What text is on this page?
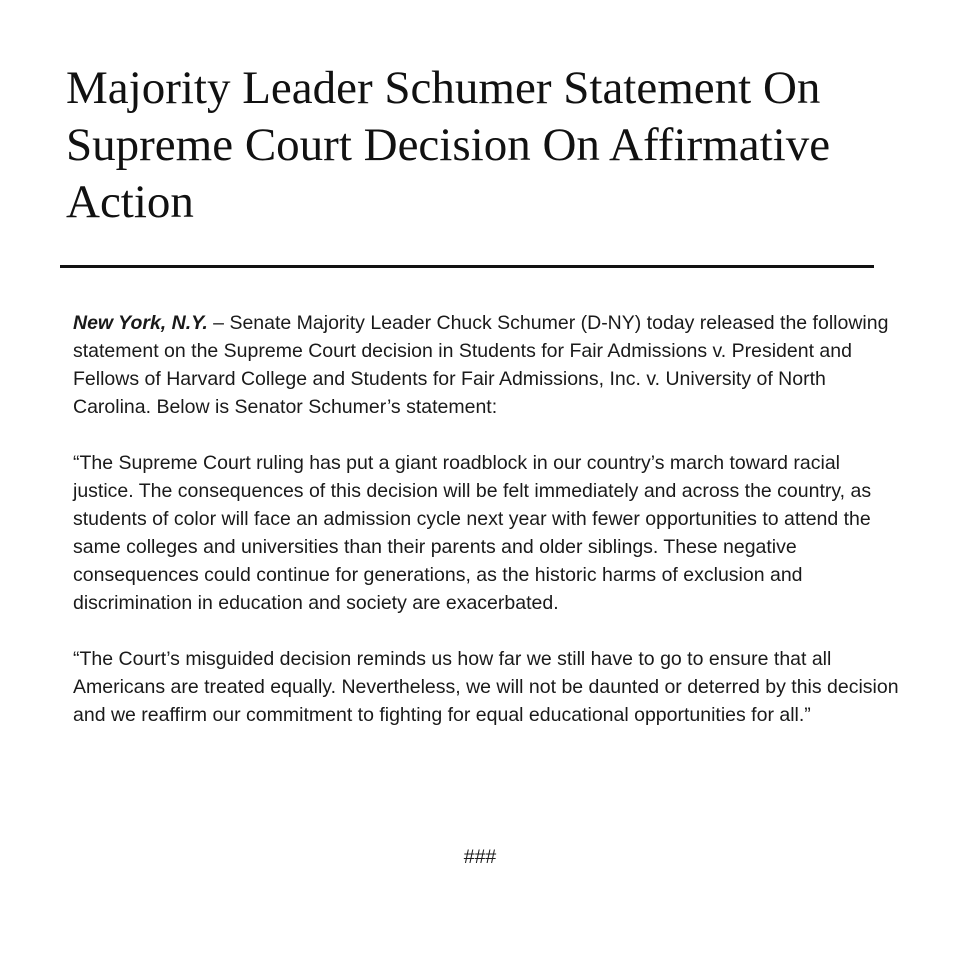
Majority Leader Schumer Statement On Supreme Court Decision On Affirmative Action

New York, N.Y. – Senate Majority Leader Chuck Schumer (D-NY) today released the following statement on the Supreme Court decision in Students for Fair Admissions v. President and Fellows of Harvard College and Students for Fair Admissions, Inc. v. University of North Carolina. Below is Senator Schumer’s statement:

“The Supreme Court ruling has put a giant roadblock in our country’s march toward racial justice. The consequences of this decision will be felt immediately and across the country, as students of color will face an admission cycle next year with fewer opportunities to attend the same colleges and universities than their parents and older siblings. These negative consequences could continue for generations, as the historic harms of exclusion and discrimination in education and society are exacerbated.

“The Court’s misguided decision reminds us how far we still have to go to ensure that all Americans are treated equally. Nevertheless, we will not be daunted or deterred by this decision and we reaffirm our commitment to fighting for equal educational opportunities for all.”

###
